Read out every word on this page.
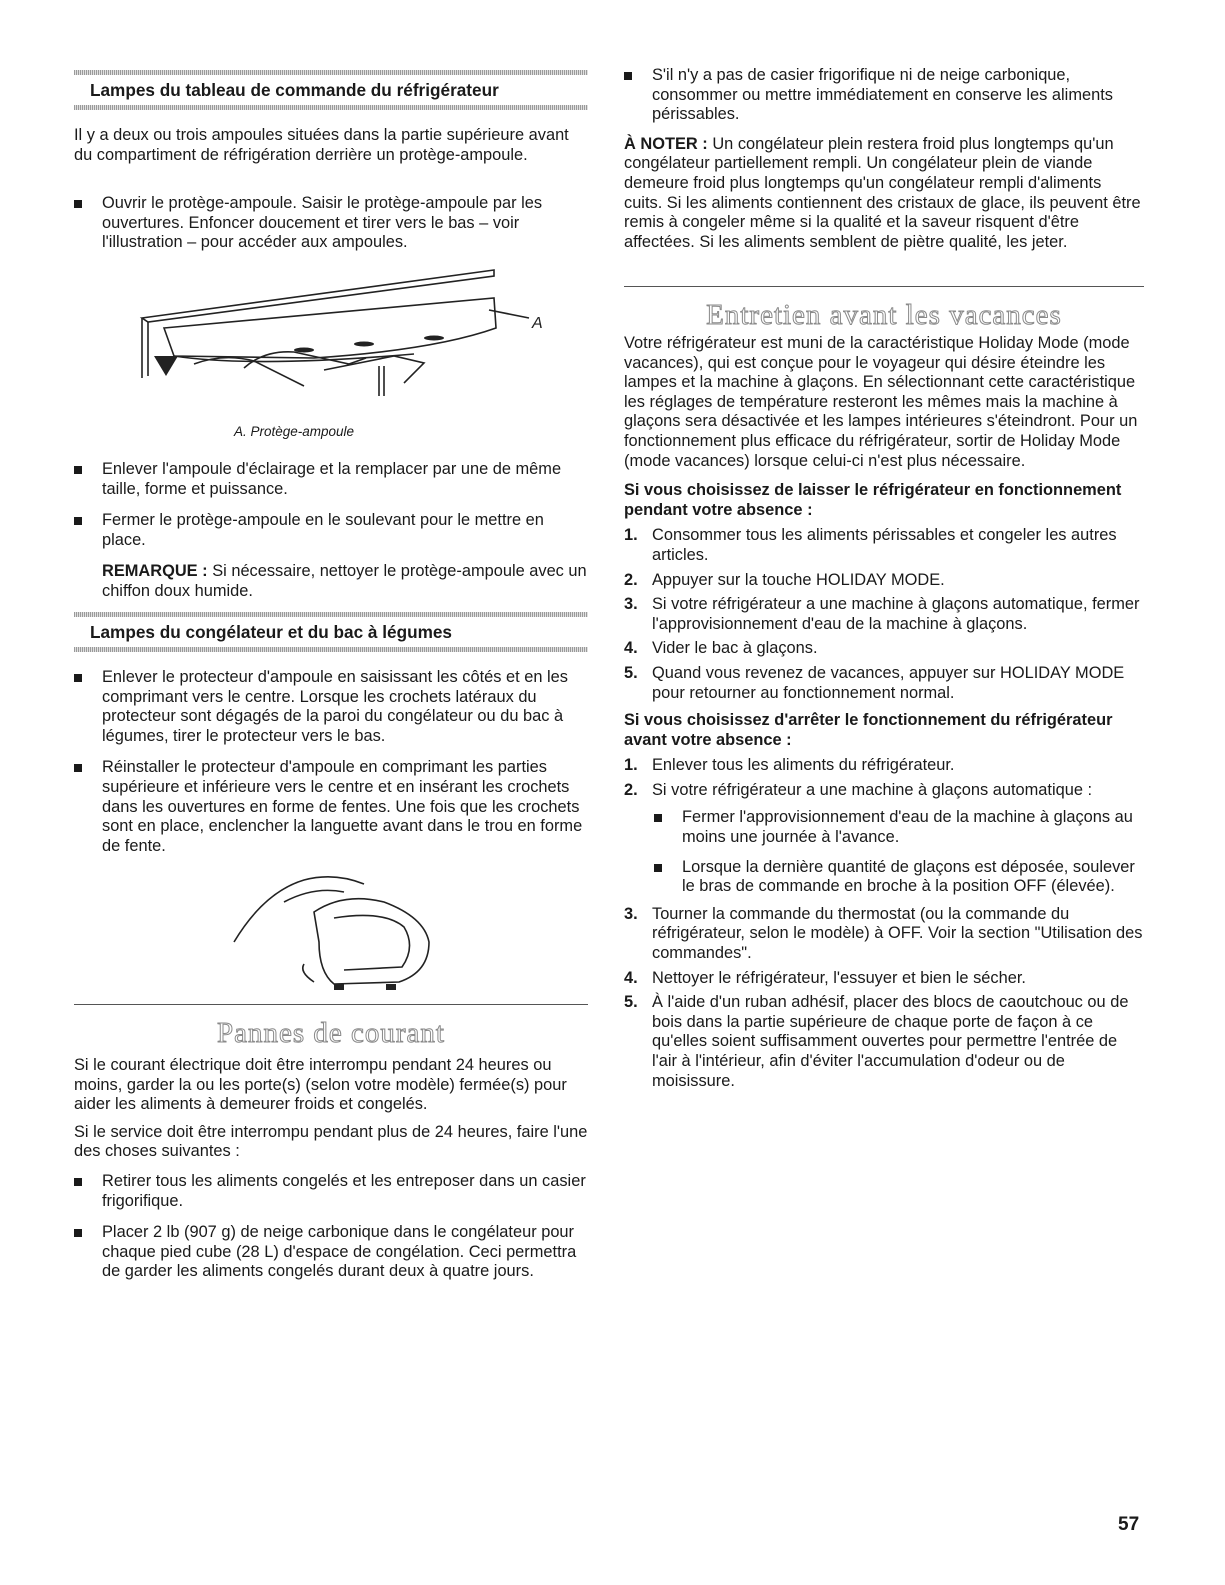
Lampes du tableau de commande du réfrigérateur

Il y a deux ou trois ampoules situées dans la partie supérieure avant du compartiment de réfrigération derrière un protège-ampoule.

Ouvrir le protège-ampoule. Saisir le protège-ampoule par les ouvertures. Enfoncer doucement et tirer vers le bas – voir l'illustration – pour accéder aux ampoules.

A
A. Protège-ampoule

Enlever l'ampoule d'éclairage et la remplacer par une de même taille, forme et puissance.

Fermer le protège-ampoule en le soulevant pour le mettre en place.

REMARQUE : Si nécessaire, nettoyer le protège-ampoule avec un chiffon doux humide.

Lampes du congélateur et du bac à légumes

Enlever le protecteur d'ampoule en saisissant les côtés et en les comprimant vers le centre. Lorsque les crochets latéraux du protecteur sont dégagés de la paroi du congélateur ou du bac à légumes, tirer le protecteur vers le bas.

Réinstaller le protecteur d'ampoule en comprimant les parties supérieure et inférieure vers le centre et en insérant les crochets dans les ouvertures en forme de fentes. Une fois que les crochets sont en place, enclencher la languette avant dans le trou en forme de fente.

Pannes de courant

Si le courant électrique doit être interrompu pendant 24 heures ou moins, garder la ou les porte(s) (selon votre modèle) fermée(s) pour aider les aliments à demeurer froids et congelés.

Si le service doit être interrompu pendant plus de 24 heures, faire l'une des choses suivantes :

Retirer tous les aliments congelés et les entreposer dans un casier frigorifique.

Placer 2 lb (907 g) de neige carbonique dans le congélateur pour chaque pied cube (28 L) d'espace de congélation. Ceci permettra de garder les aliments congelés durant deux à quatre jours.

S'il n'y a pas de casier frigorifique ni de neige carbonique, consommer ou mettre immédiatement en conserve les aliments périssables.

À NOTER : Un congélateur plein restera froid plus longtemps qu'un congélateur partiellement rempli. Un congélateur plein de viande demeure froid plus longtemps qu'un congélateur rempli d'aliments cuits. Si les aliments contiennent des cristaux de glace, ils peuvent être remis à congeler même si la qualité et la saveur risquent d'être affectées. Si les aliments semblent de piètre qualité, les jeter.

Entretien avant les vacances

Votre réfrigérateur est muni de la caractéristique Holiday Mode (mode vacances), qui est conçue pour le voyageur qui désire éteindre les lampes et la machine à glaçons. En sélectionnant cette caractéristique les réglages de température resteront les mêmes mais la machine à glaçons sera désactivée et les lampes intérieures s'éteindront. Pour un fonctionnement plus efficace du réfrigérateur, sortir de Holiday Mode (mode vacances) lorsque celui-ci n'est plus nécessaire.

Si vous choisissez de laisser le réfrigérateur en fonctionnement pendant votre absence :

1. Consommer tous les aliments périssables et congeler les autres articles.
2. Appuyer sur la touche HOLIDAY MODE.
3. Si votre réfrigérateur a une machine à glaçons automatique, fermer l'approvisionnement d'eau de la machine à glaçons.
4. Vider le bac à glaçons.
5. Quand vous revenez de vacances, appuyer sur HOLIDAY MODE pour retourner au fonctionnement normal.

Si vous choisissez d'arrêter le fonctionnement du réfrigérateur avant votre absence :

1. Enlever tous les aliments du réfrigérateur.
2. Si votre réfrigérateur a une machine à glaçons automatique :

Fermer l'approvisionnement d'eau de la machine à glaçons au moins une journée à l'avance.

Lorsque la dernière quantité de glaçons est déposée, soulever le bras de commande en broche à la position OFF (élevée).

3. Tourner la commande du thermostat (ou la commande du réfrigérateur, selon le modèle) à OFF. Voir la section "Utilisation des commandes".
4. Nettoyer le réfrigérateur, l'essuyer et bien le sécher.
5. À l'aide d'un ruban adhésif, placer des blocs de caoutchouc ou de bois dans la partie supérieure de chaque porte de façon à ce qu'elles soient suffisamment ouvertes pour permettre l'entrée de l'air à l'intérieur, afin d'éviter l'accumulation d'odeur ou de moisissure.
57
